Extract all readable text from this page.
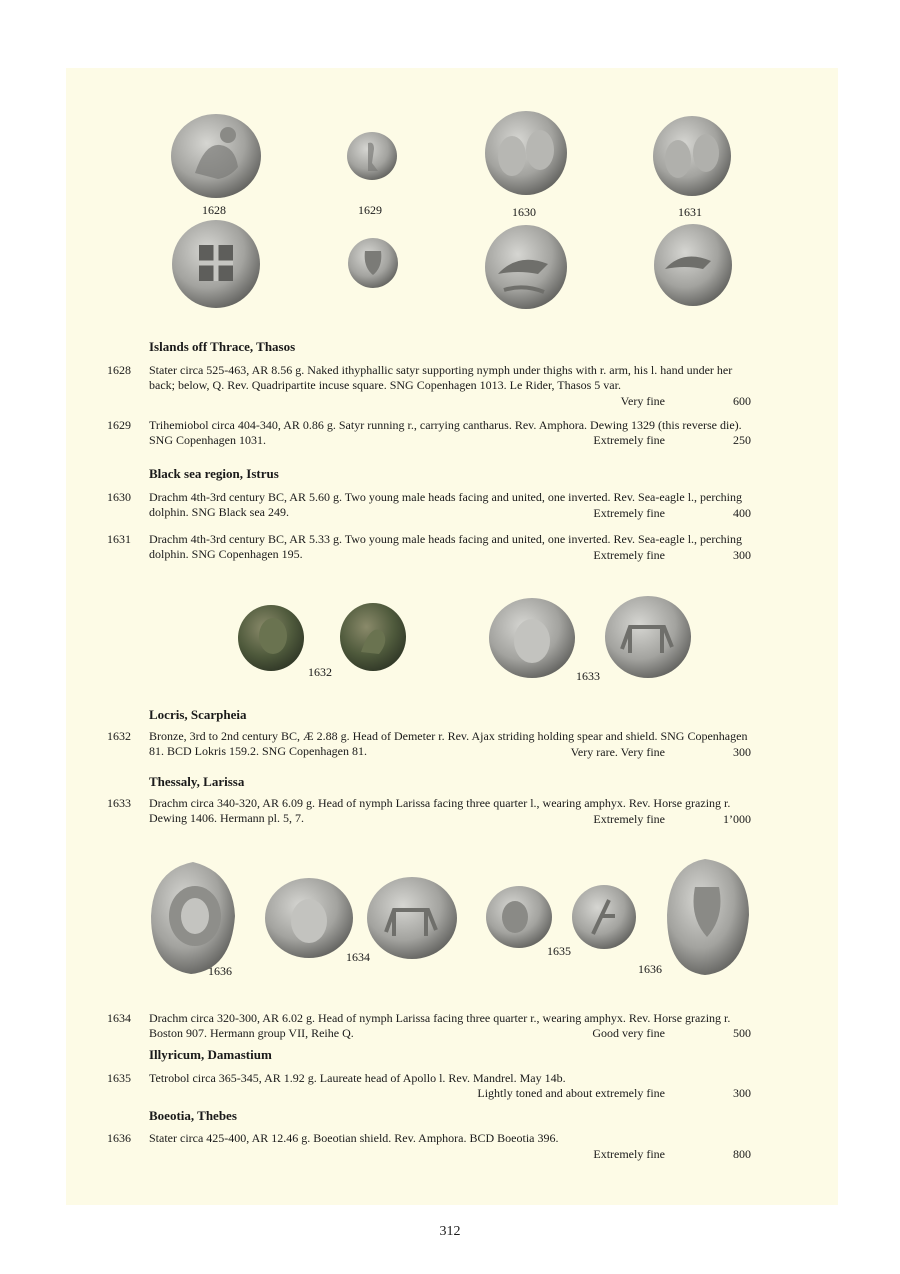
1628	1629	1630	1631
Islands off Thrace, Thasos
1628 Stater circa 525-463, AR 8.56 g. Naked ithyphallic satyr supporting nymph under thighs with r. arm, his l. hand under her back; below, Q. Rev. Quadripartite incuse square. SNG Copenhagen 1013. Le Rider, Thasos 5 var.
Very fine	600
1629 Trihemiobol circa 404-340, AR 0.86 g. Satyr running r., carrying cantharus. Rev. Amphora. Dewing 1329 (this reverse die). SNG Copenhagen 1031.	Extremely fine	250
Black sea region, Istrus
1630 Drachm 4th-3rd century BC, AR 5.60 g. Two young male heads facing and united, one inverted. Rev. Sea-eagle l., perching dolphin. SNG Black sea 249.	Extremely fine	400
1631 Drachm 4th-3rd century BC, AR 5.33 g. Two young male heads facing and united, one inverted. Rev. Sea-eagle l., perching dolphin. SNG Copenhagen 195.	Extremely fine	300
1632	1633
Locris, Scarpheia
1632 Bronze, 3rd to 2nd century BC, Æ 2.88 g. Head of Demeter r. Rev. Ajax striding holding spear and shield. SNG Copenhagen 81. BCD Lokris 159.2. SNG Copenhagen 81.	Very rare. Very fine	300
Thessaly, Larissa
1633 Drachm circa 340-320, AR 6.09 g. Head of nymph Larissa facing three quarter l., wearing amphyx. Rev. Horse grazing r. Dewing 1406. Hermann pl. 5, 7.	Extremely fine	1’000
1636
1634	1635
1636
1634 Drachm circa 320-300, AR 6.02 g. Head of nymph Larissa facing three quarter r., wearing amphyx. Rev. Horse grazing r. Boston 907. Hermann group VII, Reihe Q.	Good very fine	500
Illyricum, Damastium
1635 Tetrobol circa 365-345, AR 1.92 g. Laureate head of Apollo l. Rev. Mandrel. May 14b.
Lightly toned and about extremely fine	300
Boeotia, Thebes
1636 Stater circa 425-400, AR 12.46 g. Boeotian shield. Rev. Amphora. BCD Boeotia 396.
Extremely fine	800
312
